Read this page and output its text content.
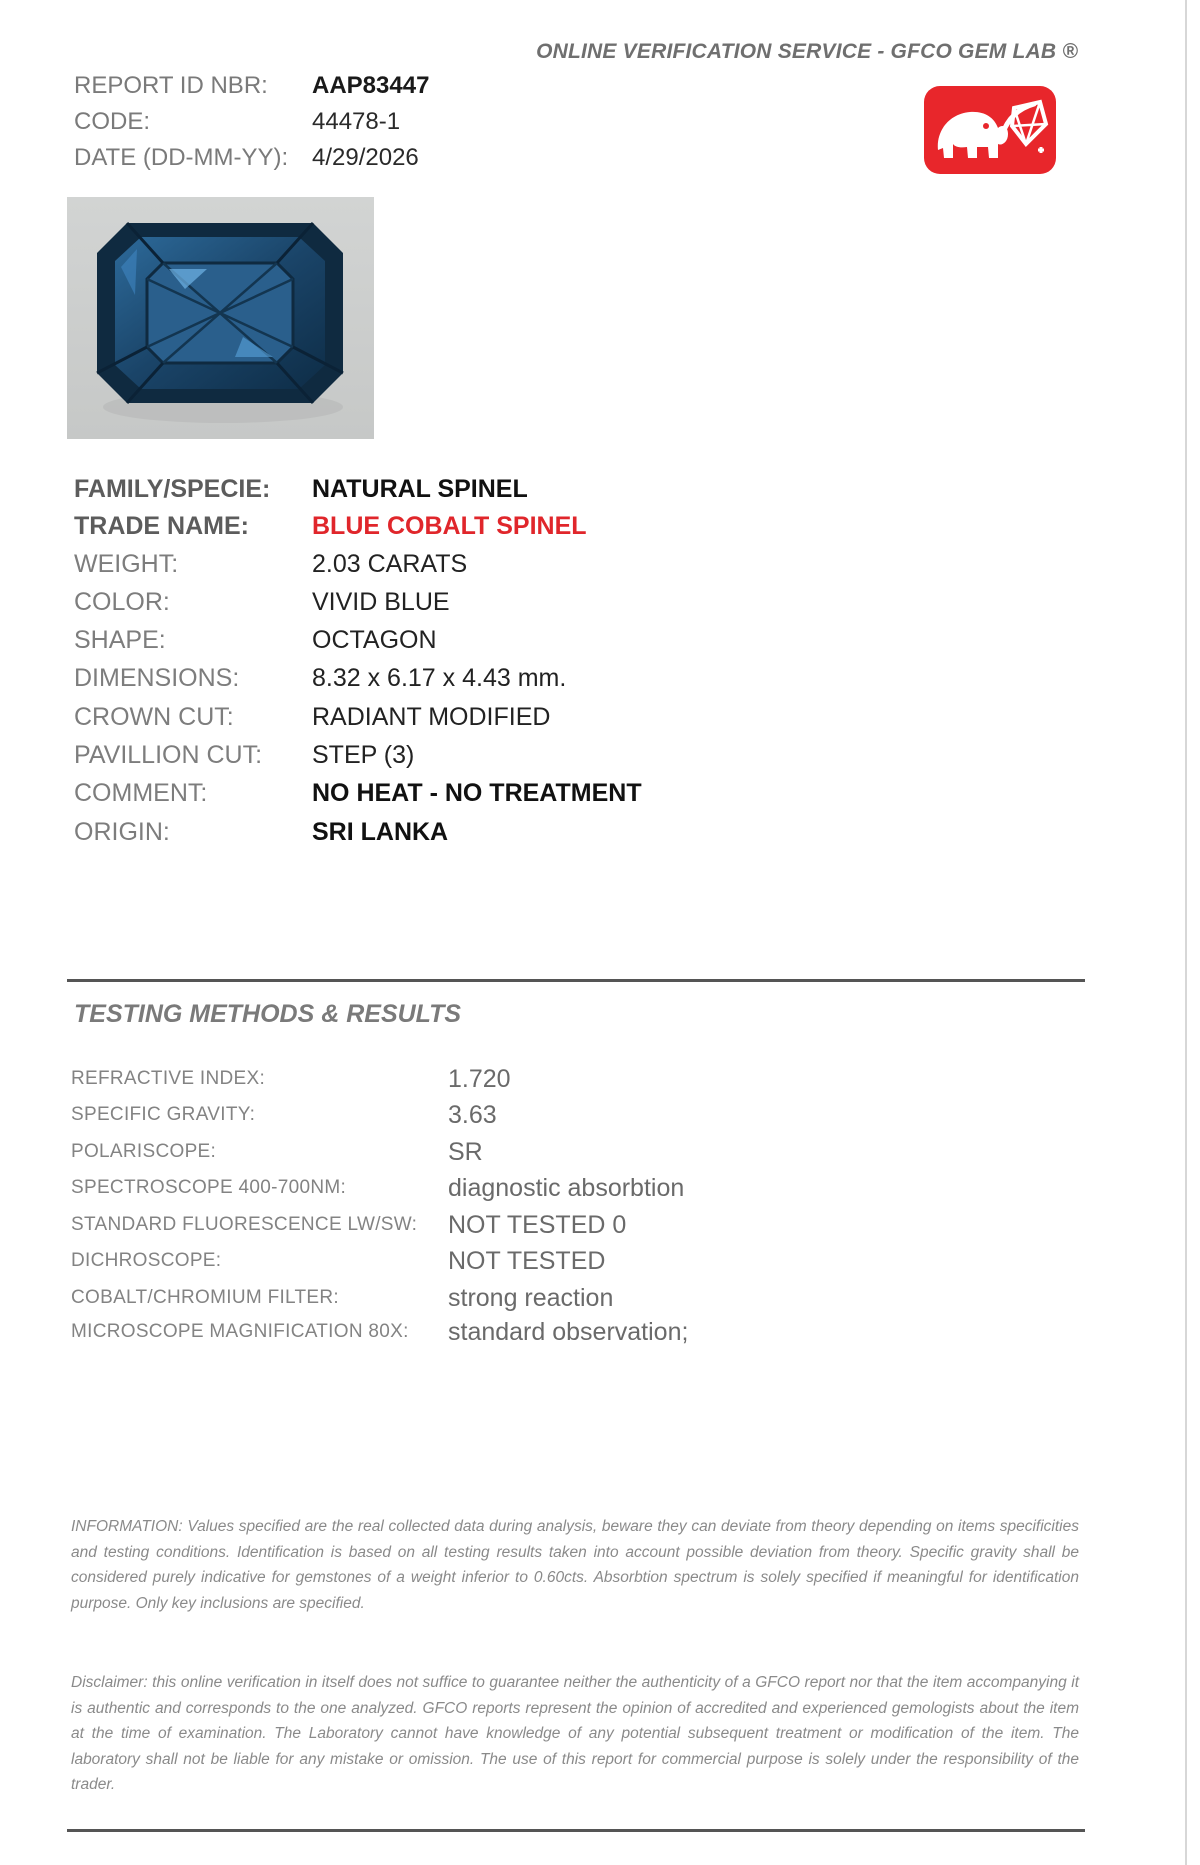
ONLINE VERIFICATION SERVICE - GFCO GEM LAB ®
REPORT ID NBR: AAP83447
CODE:	44478-1
DATE (DD-MM-YY): 4/29/2026
FAMILY/SPECIE: NATURAL SPINEL
TRADE NAME:	BLUE COBALT SPINEL
WEIGHT:	2.03 CARATS
COLOR:	VIVID BLUE
SHAPE:	OCTAGON
DIMENSIONS:	8.32 x 6.17 x 4.43 mm.
CROWN CUT:	RADIANT MODIFIED
PAVILLION CUT: STEP (3)
COMMENT:	NO HEAT - NO TREATMENT
ORIGIN:	SRI LANKA
TESTING METHODS & RESULTS
REFRACTIVE INDEX:	1.720
SPECIFIC GRAVITY:	3.63
POLARISCOPE:	SR
SPECTROSCOPE 400-700NM:	diagnostic absorbtion
STANDARD FLUORESCENCE LW/SW: NOT TESTED 0
DICHROSCOPE:	NOT TESTED
COBALT/CHROMIUM FILTER:	strong reaction
MICROSCOPE MAGNIFICATION 80X: standard observation;
INFORMATION: Values specified are the real collected data during analysis, beware they can deviate from theory depending on items specificities and testing conditions. Identification is based on all testing results taken into account possible deviation from theory. Specific gravity shall be considered purely indicative for gemstones of a weight inferior to 0.60cts. Absorbtion spectrum is solely specified if meaningful for identification purpose. Only key inclusions are specified.
Disclaimer: this online verification in itself does not suffice to guarantee neither the authenticity of a GFCO report nor that the item accompanying it is authentic and corresponds to the one analyzed. GFCO reports represent the opinion of accredited and experienced gemologists about the item at the time of examination. The Laboratory cannot have knowledge of any potential subsequent treatment or modification of the item. The laboratory shall not be liable for any mistake or omission. The use of this report for commercial purpose is solely under the responsibility of the trader.
